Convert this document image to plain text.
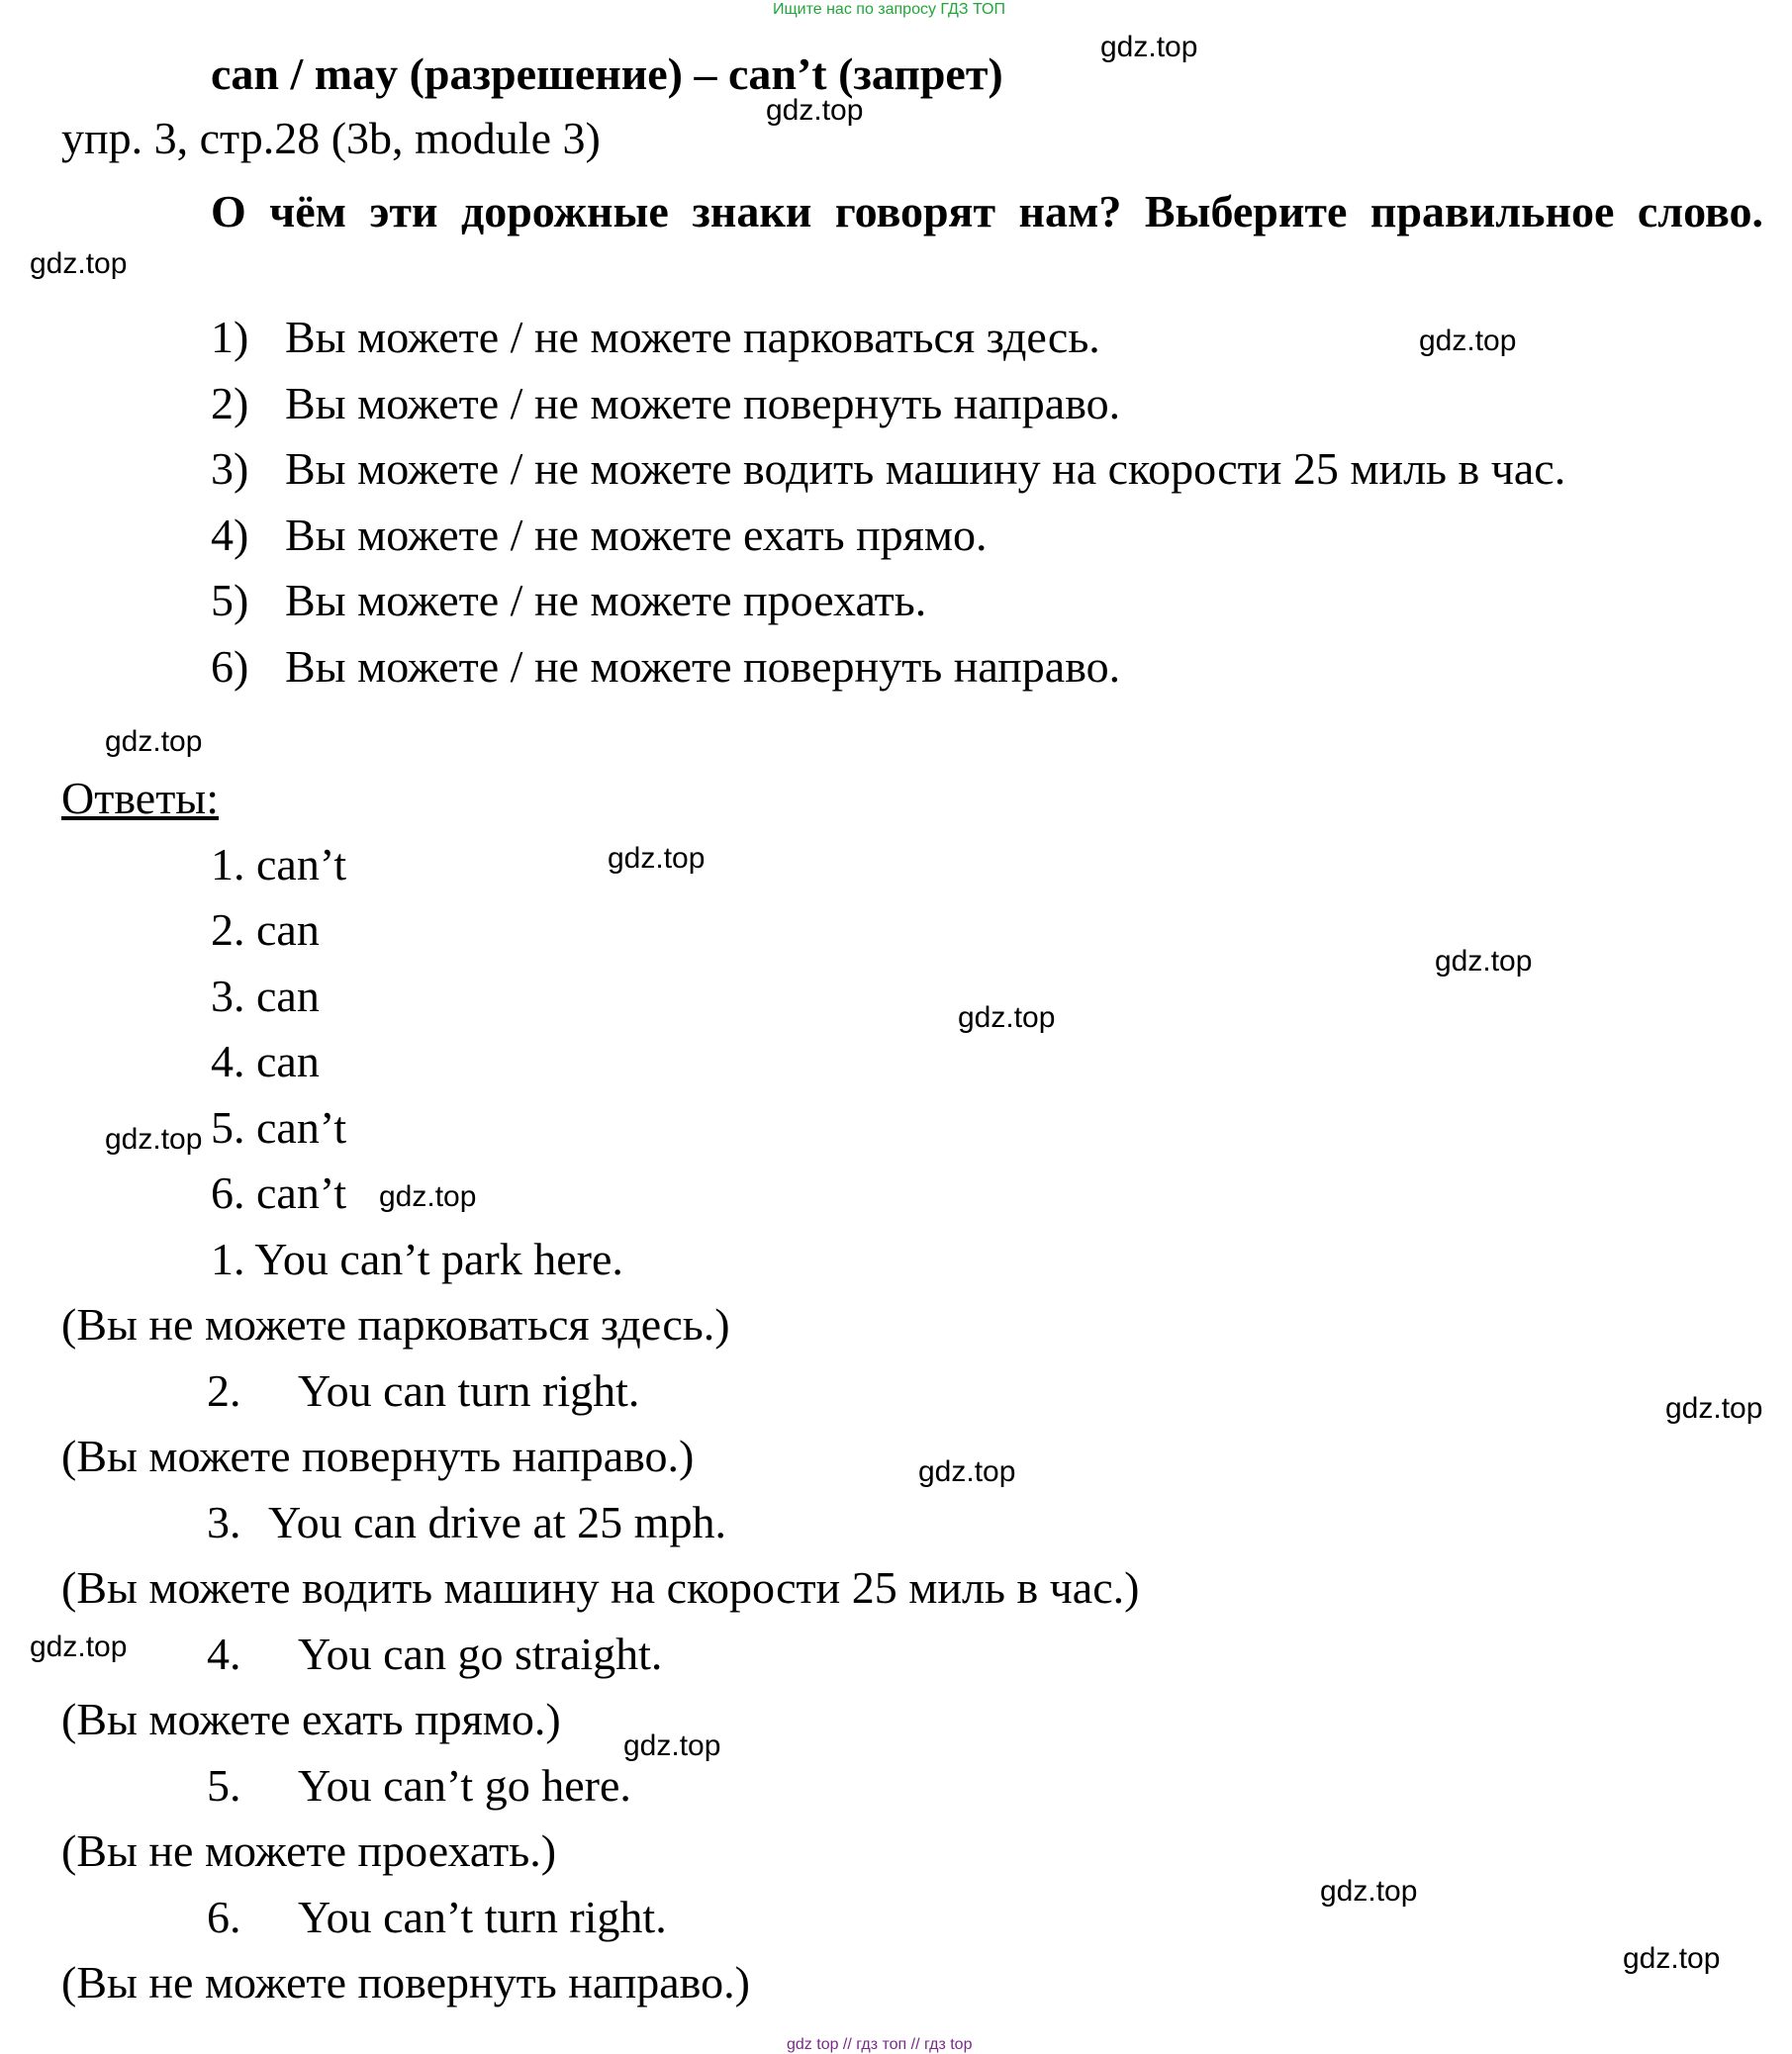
Ищите нас по запросу ГДЗ ТОП
can / may (разрешение) – can’t (запрет)
упр. 3, стр.28 (3b, module 3)
О чём эти дорожные знаки говорят нам? Выберите правильное слово.
1) Вы можете / не можете парковаться здесь.
2) Вы можете / не можете повернуть направо.
3) Вы можете / не можете водить машину на скорости 25 миль в час.
4) Вы можете / не можете ехать прямо.
5) Вы можете / не можете проехать.
6) Вы можете / не можете повернуть направо.
Ответы:
1. can’t
2. can
3. can
4. can
5. can’t
6. can’t
1. You can’t park here.
(Вы не можете парковаться здесь.)
2. You can turn right.
(Вы можете повернуть направо.)
3. You can drive at 25 mph.
(Вы можете водить машину на скорости 25 миль в час.)
4. You can go straight.
(Вы можете ехать прямо.)
5. You can’t go here.
(Вы не можете проехать.)
6. You can’t turn right.
(Вы не можете повернуть направо.)
gdz.top
gdz.top
gdz.top
gdz.top
gdz.top
gdz.top
gdz.top
gdz.top
gdz.top
gdz.top
gdz.top
gdz.top
gdz.top
gdz.top
gdz.top
gdz.top
gdz top // гдз топ // гдз top
